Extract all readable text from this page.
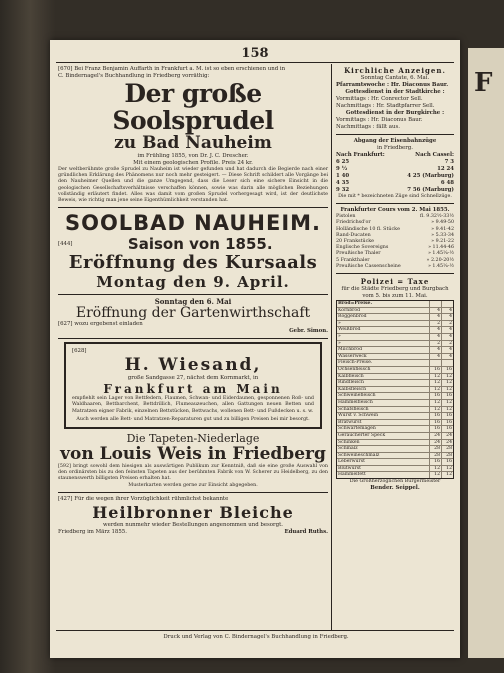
F
158
[670] Bei Franz Benjamin Auffarth in Frankfurt a. M. ist so eben erschienen und in
C. Bindernagel's Buchhandlung in Friedberg vorräthig:
Der große Soolsprudel
zu Bad Nauheim
im Frühling 1855, von Dr. J. C. Drescher.
Mit einem geologischen Profile. Preis 24 kr.
Der weltberühmte große Sprudel zu Nauheim ist wieder gefunden und hat dadurch die Begierde nach einer gründlichen Erklärung des Phänomens nur noch mehr gesteigert. — Diese Schrift schildert alle Vorgänge bei den Nauheimer Quellen und die ganze Umgegend, dass die Leser sich eine sichere Einsicht in die geologischen Gesellschaftsverhältnisse verschaffen können, sowie was darin alle möglichen Beziehungen vollständig erläutert findet. Alles was damit vom großen Sprudel vorhergesagt wird, ist der deutlichste Beweis, wie richtig man jene seine Eigenthümlichkeit verstanden hat.
SOOLBAD NAUHEIM.
[444]	Saison von 1855.
Eröffnung des Kursaals
Montag den 9. April.
Sonntag den 6. Mai
Eröffnung der Gartenwirthschaft
[627] wozu ergebenst einladen
Gebr. Simon.
[628]
H. Wiesand,
große Sandgasse 27, nächst dem Kornmarkt, in
Frankfurt am Main
empfiehlt sein Lager von Bettfedern, Flaumen, Schwan- und Eiderdaunen, gesponnenen Roß- und Waldhaaren, Bettbarchent, Bettdrillich, Flumeauzeuchen, allen Gattungen neuen Betten und Matratzen eigner Fabrik, einzelnen Bettstücken, Bettwachs, wollenen Bett- und Fußdecken u. s. w.
Auch werden alle Bett- und Matratzen-Reparaturen gut und zu billigen Preisen bei mir besorgt.
Die Tapeten-Niederlage
von Louis Weis in Friedberg
[592] bringt sowohl dem hiesigen als auswärtigen Publikum zur Kenntniß, daß sie eine große Auswahl von den ordinärsten bis zu den feinsten Tapeten aus der berühmten Fabrik von W. Scherer zu Heidelberg, zu den staunenswerth billigsten Preisen erhalten hat.
Musterkarten werden gerne zur Einsicht abgegeben.
[427] Für die wegen ihrer Vorzüglichkeit rühmlichst bekannte
Heilbronner Bleiche
werden nunmehr wieder Bestellungen angenommen und besorgt.
Friedberg im März 1855.	Eduard Ruths.
Kirchliche Anzeigen.
Sonntag Cantate, 6. Mai.
Pfarramtswoche : Hr. Diaconus Baur.
Gottesdienst in der Stadtkirche :
Vormittags : Hr. Conrector Sell.
Nachmittags : Hr. Stadtpfarrer Sell.
Gottesdienst in der Burgkirche :
Vormittags : Hr. Diaconus Baur.
Nachmittags : fällt aus.
Abgang der Eisenbahnzüge
in Friedberg.
Nach Frankfurt:	Nach Cassel:
6 25	7 3
9 ½	12 24
1 40	4 25 (Marburg)
4 35	6 48
9 32	7 56 (Marburg)
Die mit * bezeichneten Züge sind Schnellzüge.
Frankfurter Cours vom 2. Mai 1855.
Pistolen	fl. 9.32½-33½
Friedrichsd'or	» 9.49-50
Holländische 10 fl. Stücke	» 9.41-42
Rand-Ducaten	» 5.33-34
20 Frankstücke	» 9.21-22
Englische Sovereigns	» 11.44-46
Preußische Thaler	» 1.45¼-½
5 Frankthaler	» 2.20-20½
Preußische Cassenscheine	» 1.45¼-½
Polizei = Taxe
für die Städte Friedberg und Burgbach
vom 5. bis zum 11. Mai.
Brod=Preise.		
Kornbrod	4	4
Roggenbrod	4	4
»	2	2
Weißbrod	4	4
»	4	4
»	2	2
Milchbrod	4	4
Wasserweck	4	4
Fleisch-Preise.		
Ochsenfleisch	16	16
Kalbfleisch	12	12
Rindfleisch	12	12
Kalbsfleisch	12	12
Schweinefleisch	16	16
Hammelfleisch	12	12
Schafsfleisch	12	12
Würst v. Schwein	16	16
Bratwurst	16	16
Schwartemagen	16	16
Geräucherter Speck	24	24
Schinken	24	24
Schmalz	28	28
Schweineschmalz	28	28
Leberwurst	16	16
Blutwurst	12	12
Hammelfett	12	12
Die Großherzoglichen Bürgermeister
Bender. Seippel.
Druck und Verlag von C. Bindernagel's Buchhandlung in Friedberg.
